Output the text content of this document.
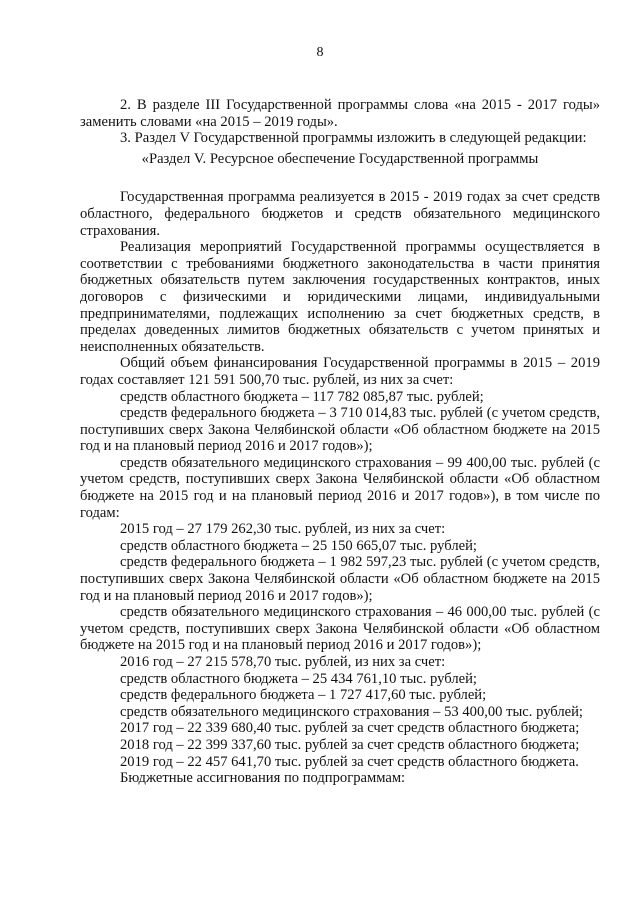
8

2. В разделе III Государственной программы слова «на 2015 - 2017 годы» заменить словами «на 2015 – 2019 годы».

3. Раздел V Государственной программы изложить в следующей редакции:

«Раздел V. Ресурсное обеспечение Государственной программы

Государственная программа реализуется в 2015 - 2019 годах за счет средств областного, федерального бюджетов и средств обязательного медицинского страхования.

Реализация мероприятий Государственной программы осуществляется в соответствии с требованиями бюджетного законодательства в части принятия бюджетных обязательств путем заключения государственных контрактов, иных договоров с физическими и юридическими лицами, индивидуальными предпринимателями, подлежащих исполнению за счет бюджетных средств, в пределах доведенных лимитов бюджетных обязательств с учетом принятых и неисполненных обязательств.

Общий объем финансирования Государственной программы в 2015 – 2019 годах составляет 121 591 500,70 тыс. рублей, из них за счет:

средств областного бюджета – 117 782 085,87 тыс. рублей;

средств федерального бюджета – 3 710 014,83 тыс. рублей (с учетом средств, поступивших сверх Закона Челябинской области «Об областном бюджете на 2015 год и на плановый период 2016 и 2017 годов»);

средств обязательного медицинского страхования – 99 400,00 тыс. рублей (с учетом средств, поступивших сверх Закона Челябинской области «Об областном бюджете на 2015 год и на плановый период 2016 и 2017 годов»), в том числе по годам:

2015 год – 27 179 262,30 тыс. рублей, из них за счет:

средств областного бюджета – 25 150 665,07 тыс. рублей;

средств федерального бюджета – 1 982 597,23 тыс. рублей (с учетом средств, поступивших сверх Закона Челябинской области «Об областном бюджете на 2015 год и на плановый период 2016 и 2017 годов»);

средств обязательного медицинского страхования – 46 000,00 тыс. рублей (с учетом средств, поступивших сверх Закона Челябинской области «Об областном бюджете на 2015 год и на плановый период 2016 и 2017 годов»);

2016 год – 27 215 578,70 тыс. рублей, из них за счет:

средств областного бюджета – 25 434 761,10 тыс. рублей;

средств федерального бюджета – 1 727 417,60 тыс. рублей;

средств обязательного медицинского страхования – 53 400,00 тыс. рублей;

2017 год – 22 339 680,40 тыс. рублей за счет средств областного бюджета;

2018 год – 22 399 337,60 тыс. рублей за счет средств областного бюджета;

2019 год – 22 457 641,70 тыс. рублей за счет средств областного бюджета.

Бюджетные ассигнования по подпрограммам:
